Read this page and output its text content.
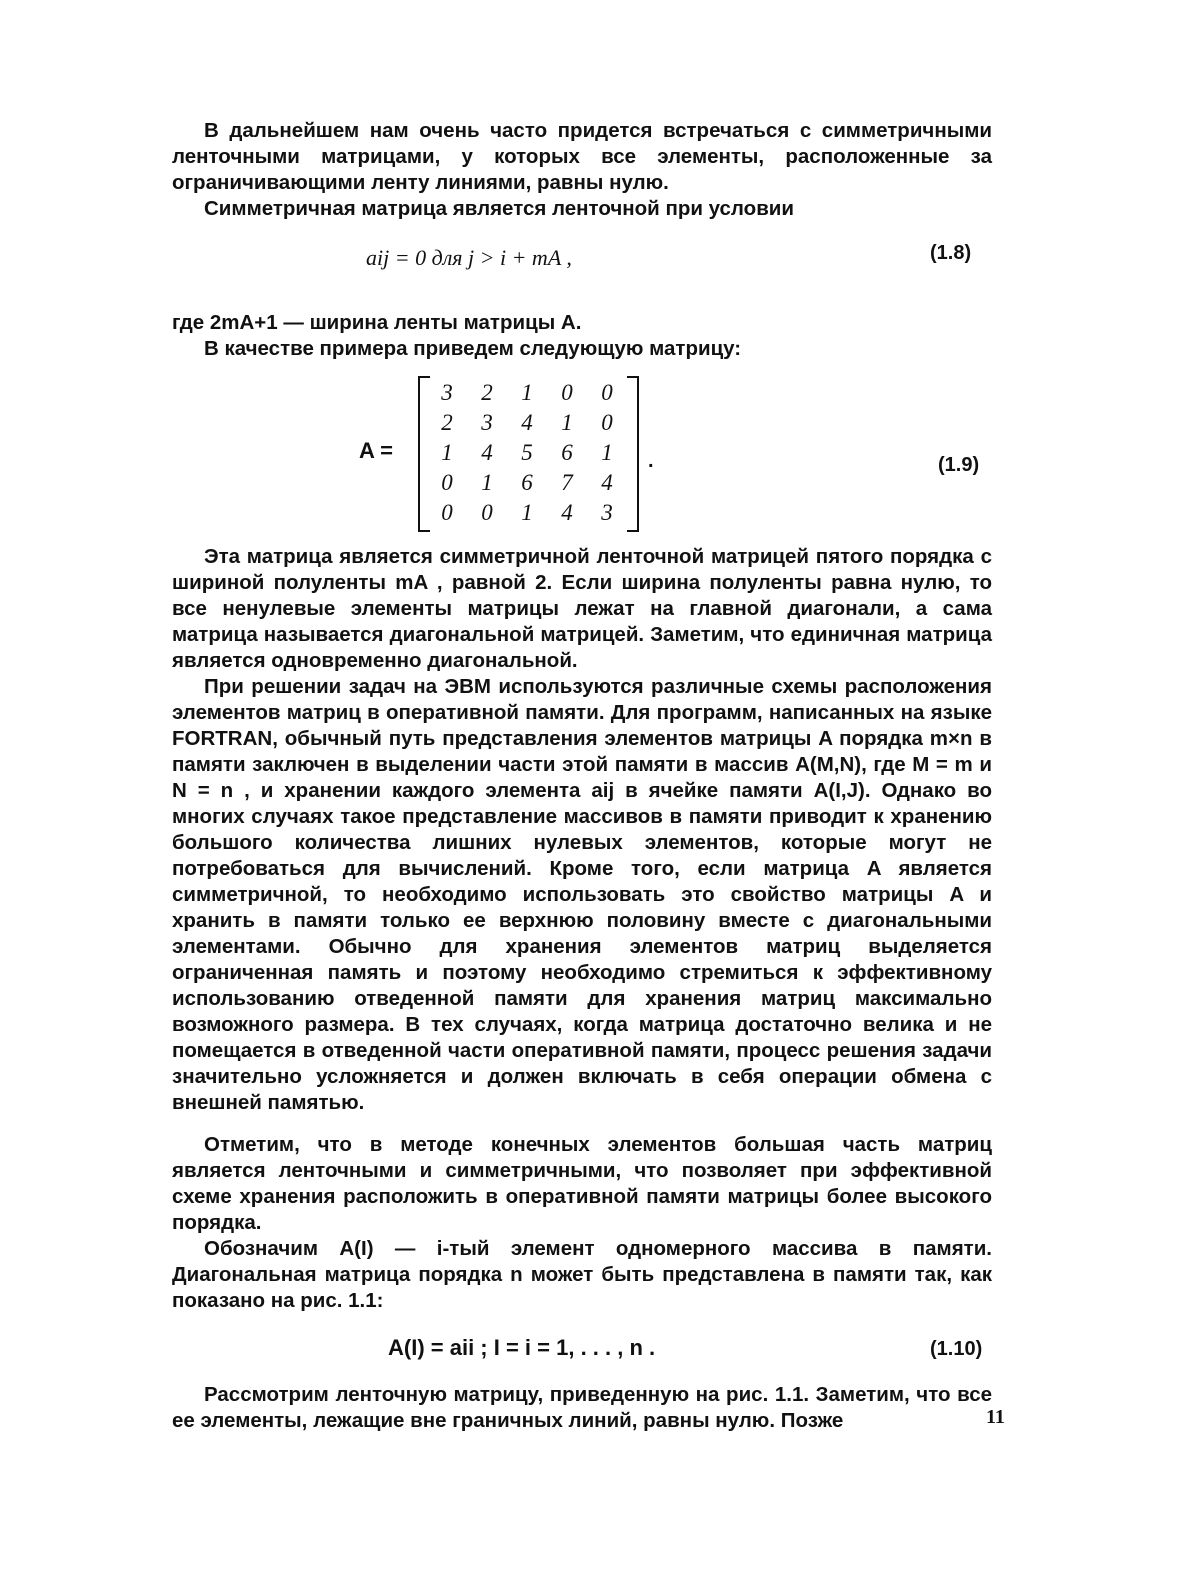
В дальнейшем нам очень часто придется встречаться с симметричными ленточными матрицами, у которых все элементы, расположенные за ограничивающими ленту линиями, равны нулю.
Симметричная матрица является ленточной при условии
aij = 0 для j > i + mA ,	(1.8)
где 2mA+1 — ширина ленты матрицы A.
В качестве примера приведем следующую матрицу:
A =
3	2	1	0	0
2	3	4	1	0
1	4	5	6	1
0	1	6	7	4
0	0	1	4	3
.	(1.9)
Эта матрица является симметричной ленточной матрицей пятого порядка с шириной полуленты mA , равной 2. Если ширина полуленты равна нулю, то все ненулевые элементы матрицы лежат на главной диагонали, а сама матрица называется диагональной матрицей. Заметим, что единичная матрица является одновременно диагональной.
При решении задач на ЭВМ используются различные схемы расположения элементов матриц в оперативной памяти. Для программ, написанных на языке FORTRAN, обычный путь представления элементов матрицы A порядка m×n в памяти заключен в выделении части этой памяти в массив A(M,N), где M = m и N = n , и хранении каждого элемента aij в ячейке памяти A(I,J). Однако во многих случаях такое представление массивов в памяти приводит к хранению большого количества лишних нулевых элементов, которые могут не потребоваться для вычислений. Кроме того, если матрица A является симметричной, то необходимо использовать это свойство матрицы A и хранить в памяти только ее верхнюю половину вместе с диагональными элементами. Обычно для хранения элементов матриц выделяется ограниченная память и поэтому необходимо стремиться к эффективному использованию отведенной памяти для хранения матриц максимально возможного размера. В тех случаях, когда матрица достаточно велика и не помещается в отведенной части оперативной памяти, процесс решения задачи значительно усложняется и должен включать в себя операции обмена с внешней памятью.
Отметим, что в методе конечных элементов большая часть матриц является ленточными и симметричными, что позволяет при эффективной схеме хранения расположить в оперативной памяти матрицы более высокого порядка.
Обозначим A(I) — i-тый элемент одномерного массива в памяти. Диагональная матрица порядка n может быть представлена в памяти так, как показано на рис. 1.1:
A(I) = aii ; I = i = 1, . . . , n .	(1.10)
Рассмотрим ленточную матрицу, приведенную на рис. 1.1. Заметим, что все ее элементы, лежащие вне граничных линий, равны нулю. Позже	11
